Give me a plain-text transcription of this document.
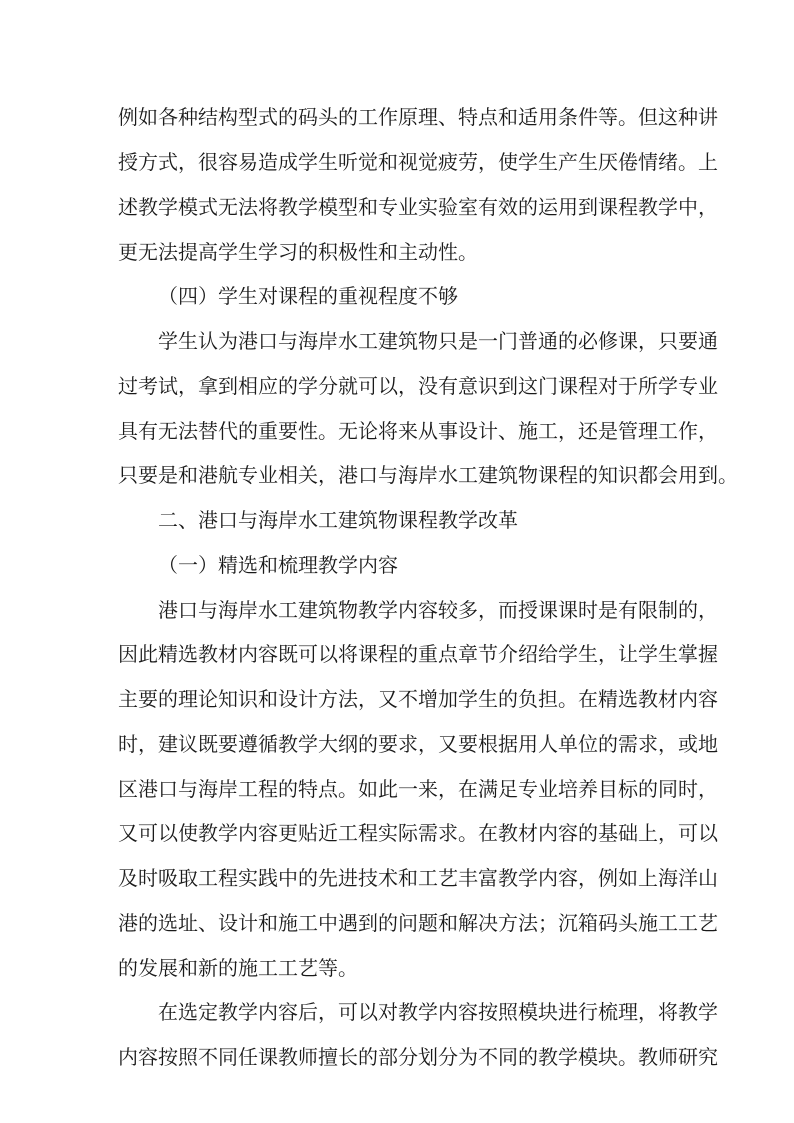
例如各种结构型式的码头的工作原理、特点和适用条件等。但这种讲
授方式，很容易造成学生听觉和视觉疲劳，使学生产生厌倦情绪。上
述教学模式无法将教学模型和专业实验室有效的运用到课程教学中，
更无法提高学生学习的积极性和主动性。
（四）学生对课程的重视程度不够
学生认为港口与海岸水工建筑物只是一门普通的必修课，只要通
过考试，拿到相应的学分就可以，没有意识到这门课程对于所学专业
具有无法替代的重要性。无论将来从事设计、施工，还是管理工作，
只要是和港航专业相关，港口与海岸水工建筑物课程的知识都会用到。
二、港口与海岸水工建筑物课程教学改革
（一）精选和梳理教学内容
港口与海岸水工建筑物教学内容较多，而授课课时是有限制的，
因此精选教材内容既可以将课程的重点章节介绍给学生，让学生掌握
主要的理论知识和设计方法，又不增加学生的负担。在精选教材内容
时，建议既要遵循教学大纲的要求，又要根据用人单位的需求，或地
区港口与海岸工程的特点。如此一来，在满足专业培养目标的同时，
又可以使教学内容更贴近工程实际需求。在教材内容的基础上，可以
及时吸取工程实践中的先进技术和工艺丰富教学内容，例如上海洋山
港的选址、设计和施工中遇到的问题和解决方法；沉箱码头施工工艺
的发展和新的施工工艺等。
在选定教学内容后，可以对教学内容按照模块进行梳理，将教学
内容按照不同任课教师擅长的部分划分为不同的教学模块。教师研究
